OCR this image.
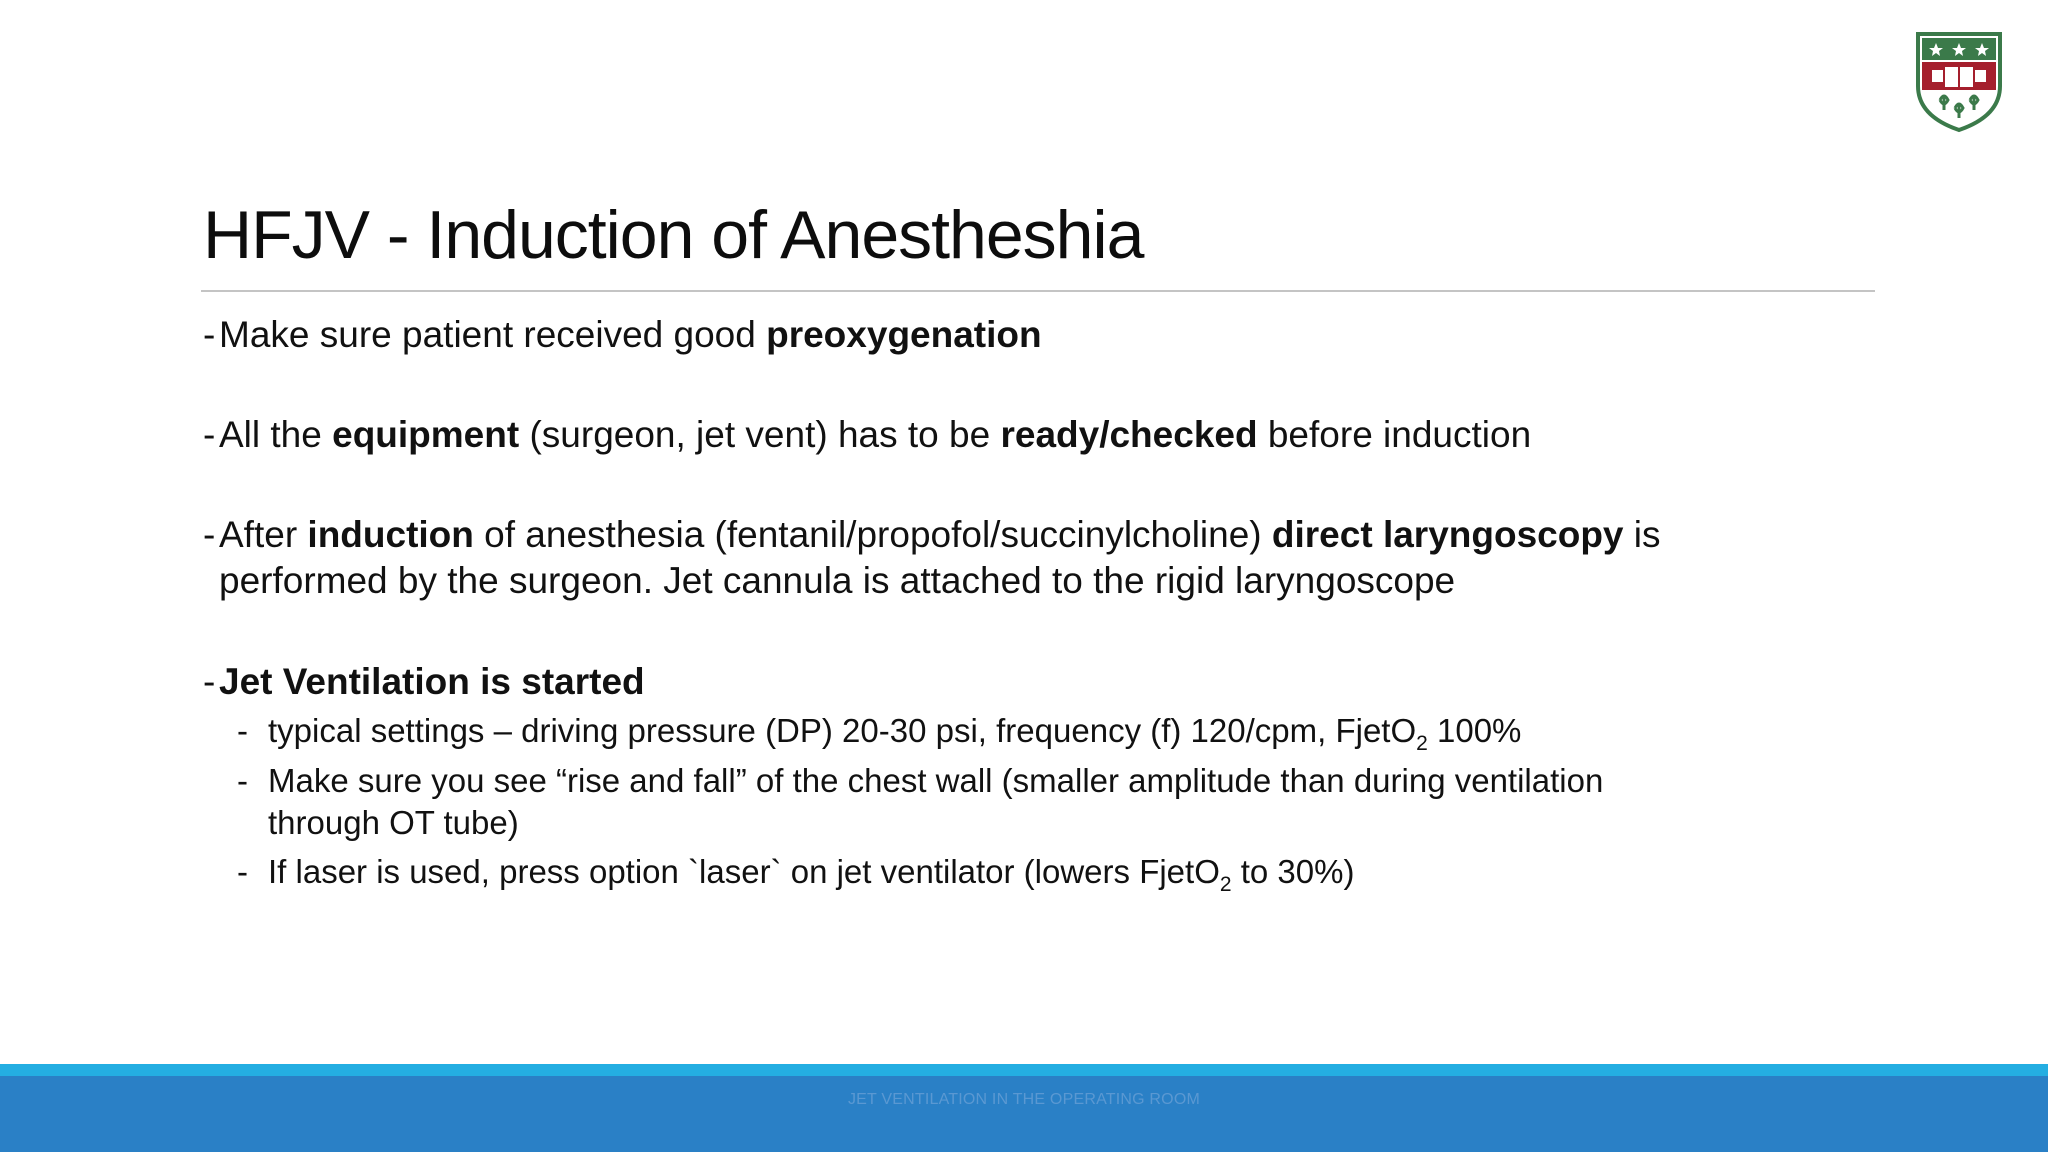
HFJV - Induction of Anestheshia
-Make sure patient received good preoxygenation
-All the equipment (surgeon, jet vent) has to be ready/checked before induction
-After induction of anesthesia (fentanil/propofol/succinylcholine) direct laryngoscopy is
performed by the surgeon. Jet cannula is attached to the rigid laryngoscope
-Jet Ventilation is started
- typical settings – driving pressure (DP) 20-30 psi, frequency (f) 120/cpm, FjetO$_2$ 100%
- Make sure you see “rise and fall” of the chest wall (smaller amplitude than during ventilation
through OT tube)
- If laser is used, press option `laser` on jet ventilator (lowers FjetO$_2$ to 30%)
JET VENTILATION IN THE OPERATING ROOM
